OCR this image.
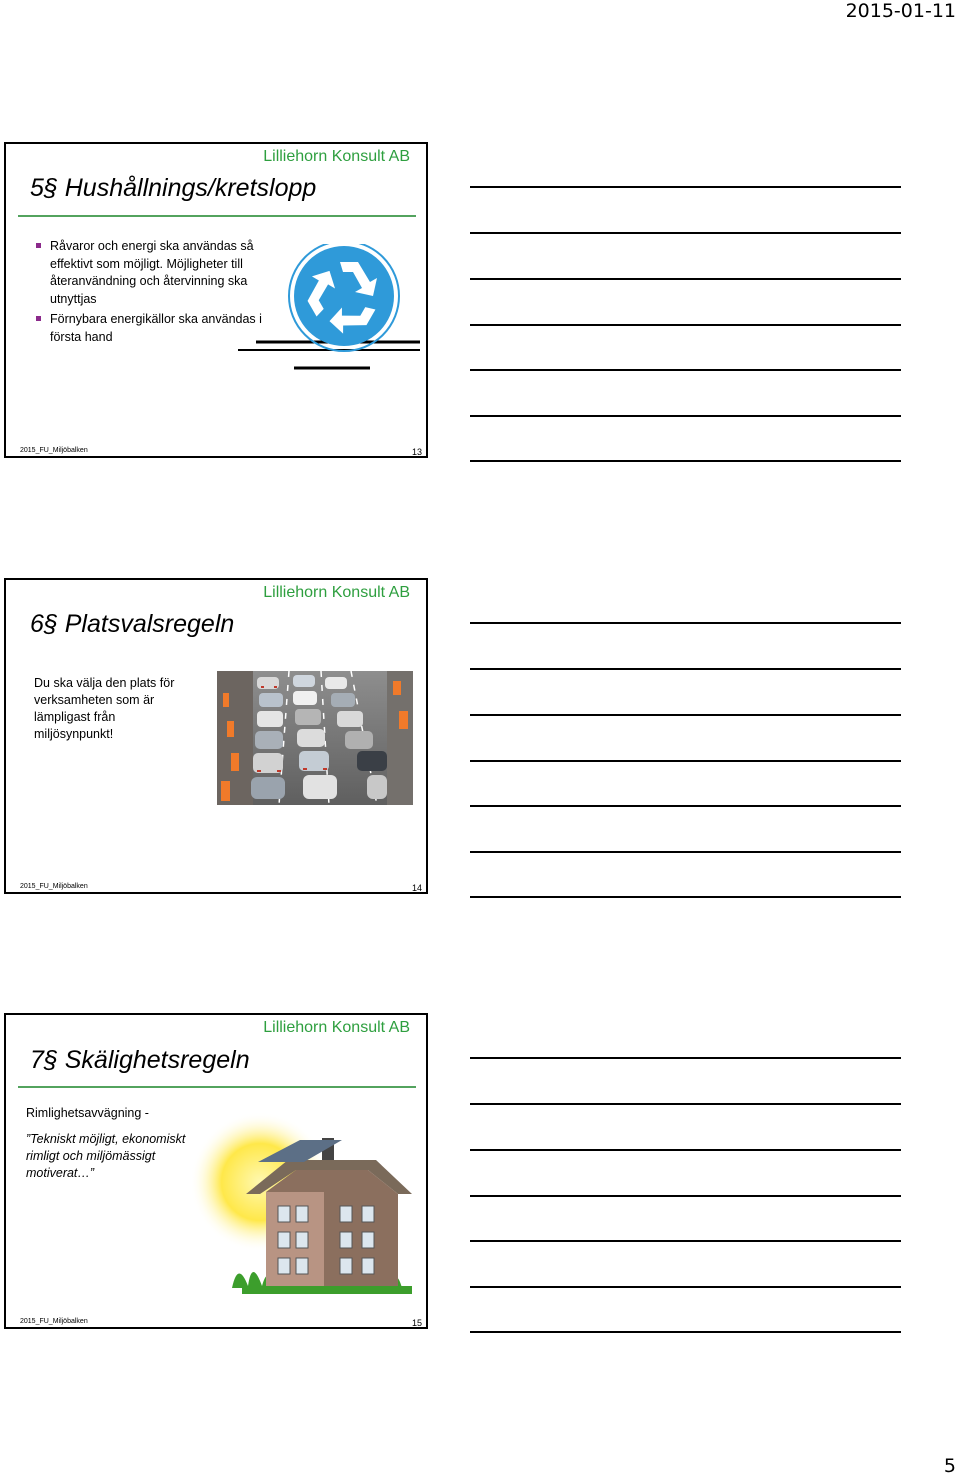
2015-01-11
Lilliehorn Konsult AB
5§ Hushållnings/kretslopp
Råvaror och energi ska användas så effektivt som möjligt. Möjligheter till återanvändning och återvinning ska utnyttjas
Förnybara energikällor ska användas i första hand
2015_FU_Miljöbalken	13
Lilliehorn Konsult AB
6§ Platsvalsregeln
Du ska välja den plats för verksamheten som är lämpligast från miljösynpunkt!
2015_FU_Miljöbalken	14
Lilliehorn Konsult AB
7§ Skälighetsregeln
Rimlighetsavvägning -
”Tekniskt möjligt, ekonomiskt rimligt och miljömässigt motiverat…”
2015_FU_Miljöbalken	15
5
